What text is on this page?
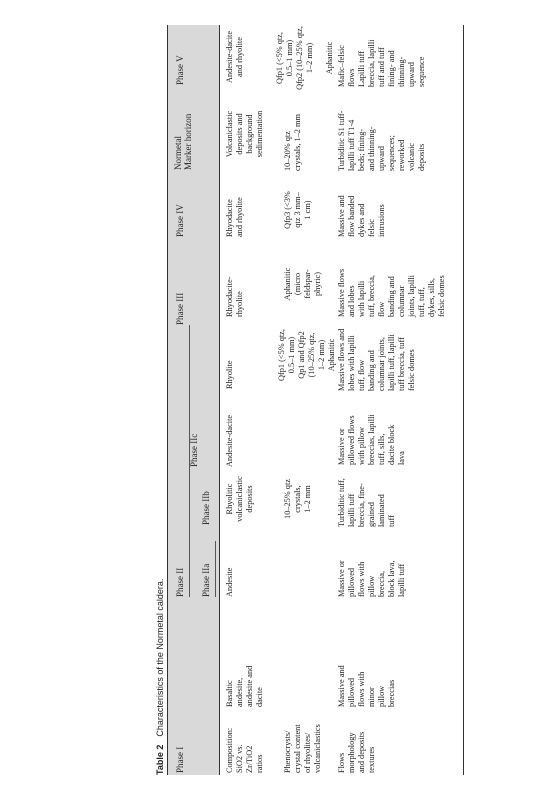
Table 2Characteristics of the Normetal caldera.
Phase I
Phase II Phase IIa
Phase IIb
Phase IIc
Phase III
Phase IV
Normetal
Marker horizon
Phase V
Composition:
SiO2 vs.
Zr/TiO2
ratios
Basaltic
andesite,
andesite and
dacite
Andesite
Rhyolitic
volcaniclastic
deposits
Andesite-dacite
Rhyolite
Rhyodacite-
rhyolite
Rhyodacite
and rhyolite
Volcaniclastic
deposits and
background
sedimentation
Andesite-dacite
and rhyolite
Phenocrysts/
crystal content
of rhyolites/
volcaniclastics
10–25% qtz
crystals,
1–2 mm
Qfp1 (<5% qtz,
0.5–1 mm)
Qp1 and Qfp2
(10–25% qtz,
1–2 mm)
Aphanitic
Aphanitic
(micro
feldspar-
phyric)
Qfp3 (<3%
qtz 3 mm–
1 cm)
10–20% qtz
crystals, 1–2 mm
Qfp1 (<5% qtz,
0.5–1 mm)
Qfp2 (10–25% qtz,
1–2 mm)

Aphanitic
Flows
morphology
and deposits
textures
Massive and
pillowed
flows with
minor
pillow
breccias
Massive or
pillowed
flows with
pillow
breccia,
block lava,
lapilli tuff
Turbiditic tuff,
lapilli tuff
breccia, fine-
grained
laminated
tuff
Massive or
pillowed flows
with pillow
breccias, lapilli
tuff, sills,
dacite block
lava
Massive flows and
lobes with lapilli
tuff, flow
banding and
columnar joints,
lapilli tuff, lapilli
tuff breccia, tuff
felsic domes
Massive flows
and lobes
with lapilli
tuff, breccia,
flow
banding and
columnar
joints, lapilli
tuff, tuff,
dykes, sills,
felsic domes
Massive and
flow banded
dykes and
felsic
intrusions
Turbiditic S1 tuff-
lapilli tuff T1-4
beds; fining-
and thinning-
upward
sequences;
reworked
volcanic
deposits
Mafic–felsic flows
Lapilli tuff
breccia, lapilli
tuff and tuff
fining- and
thinning-
upward
sequence
